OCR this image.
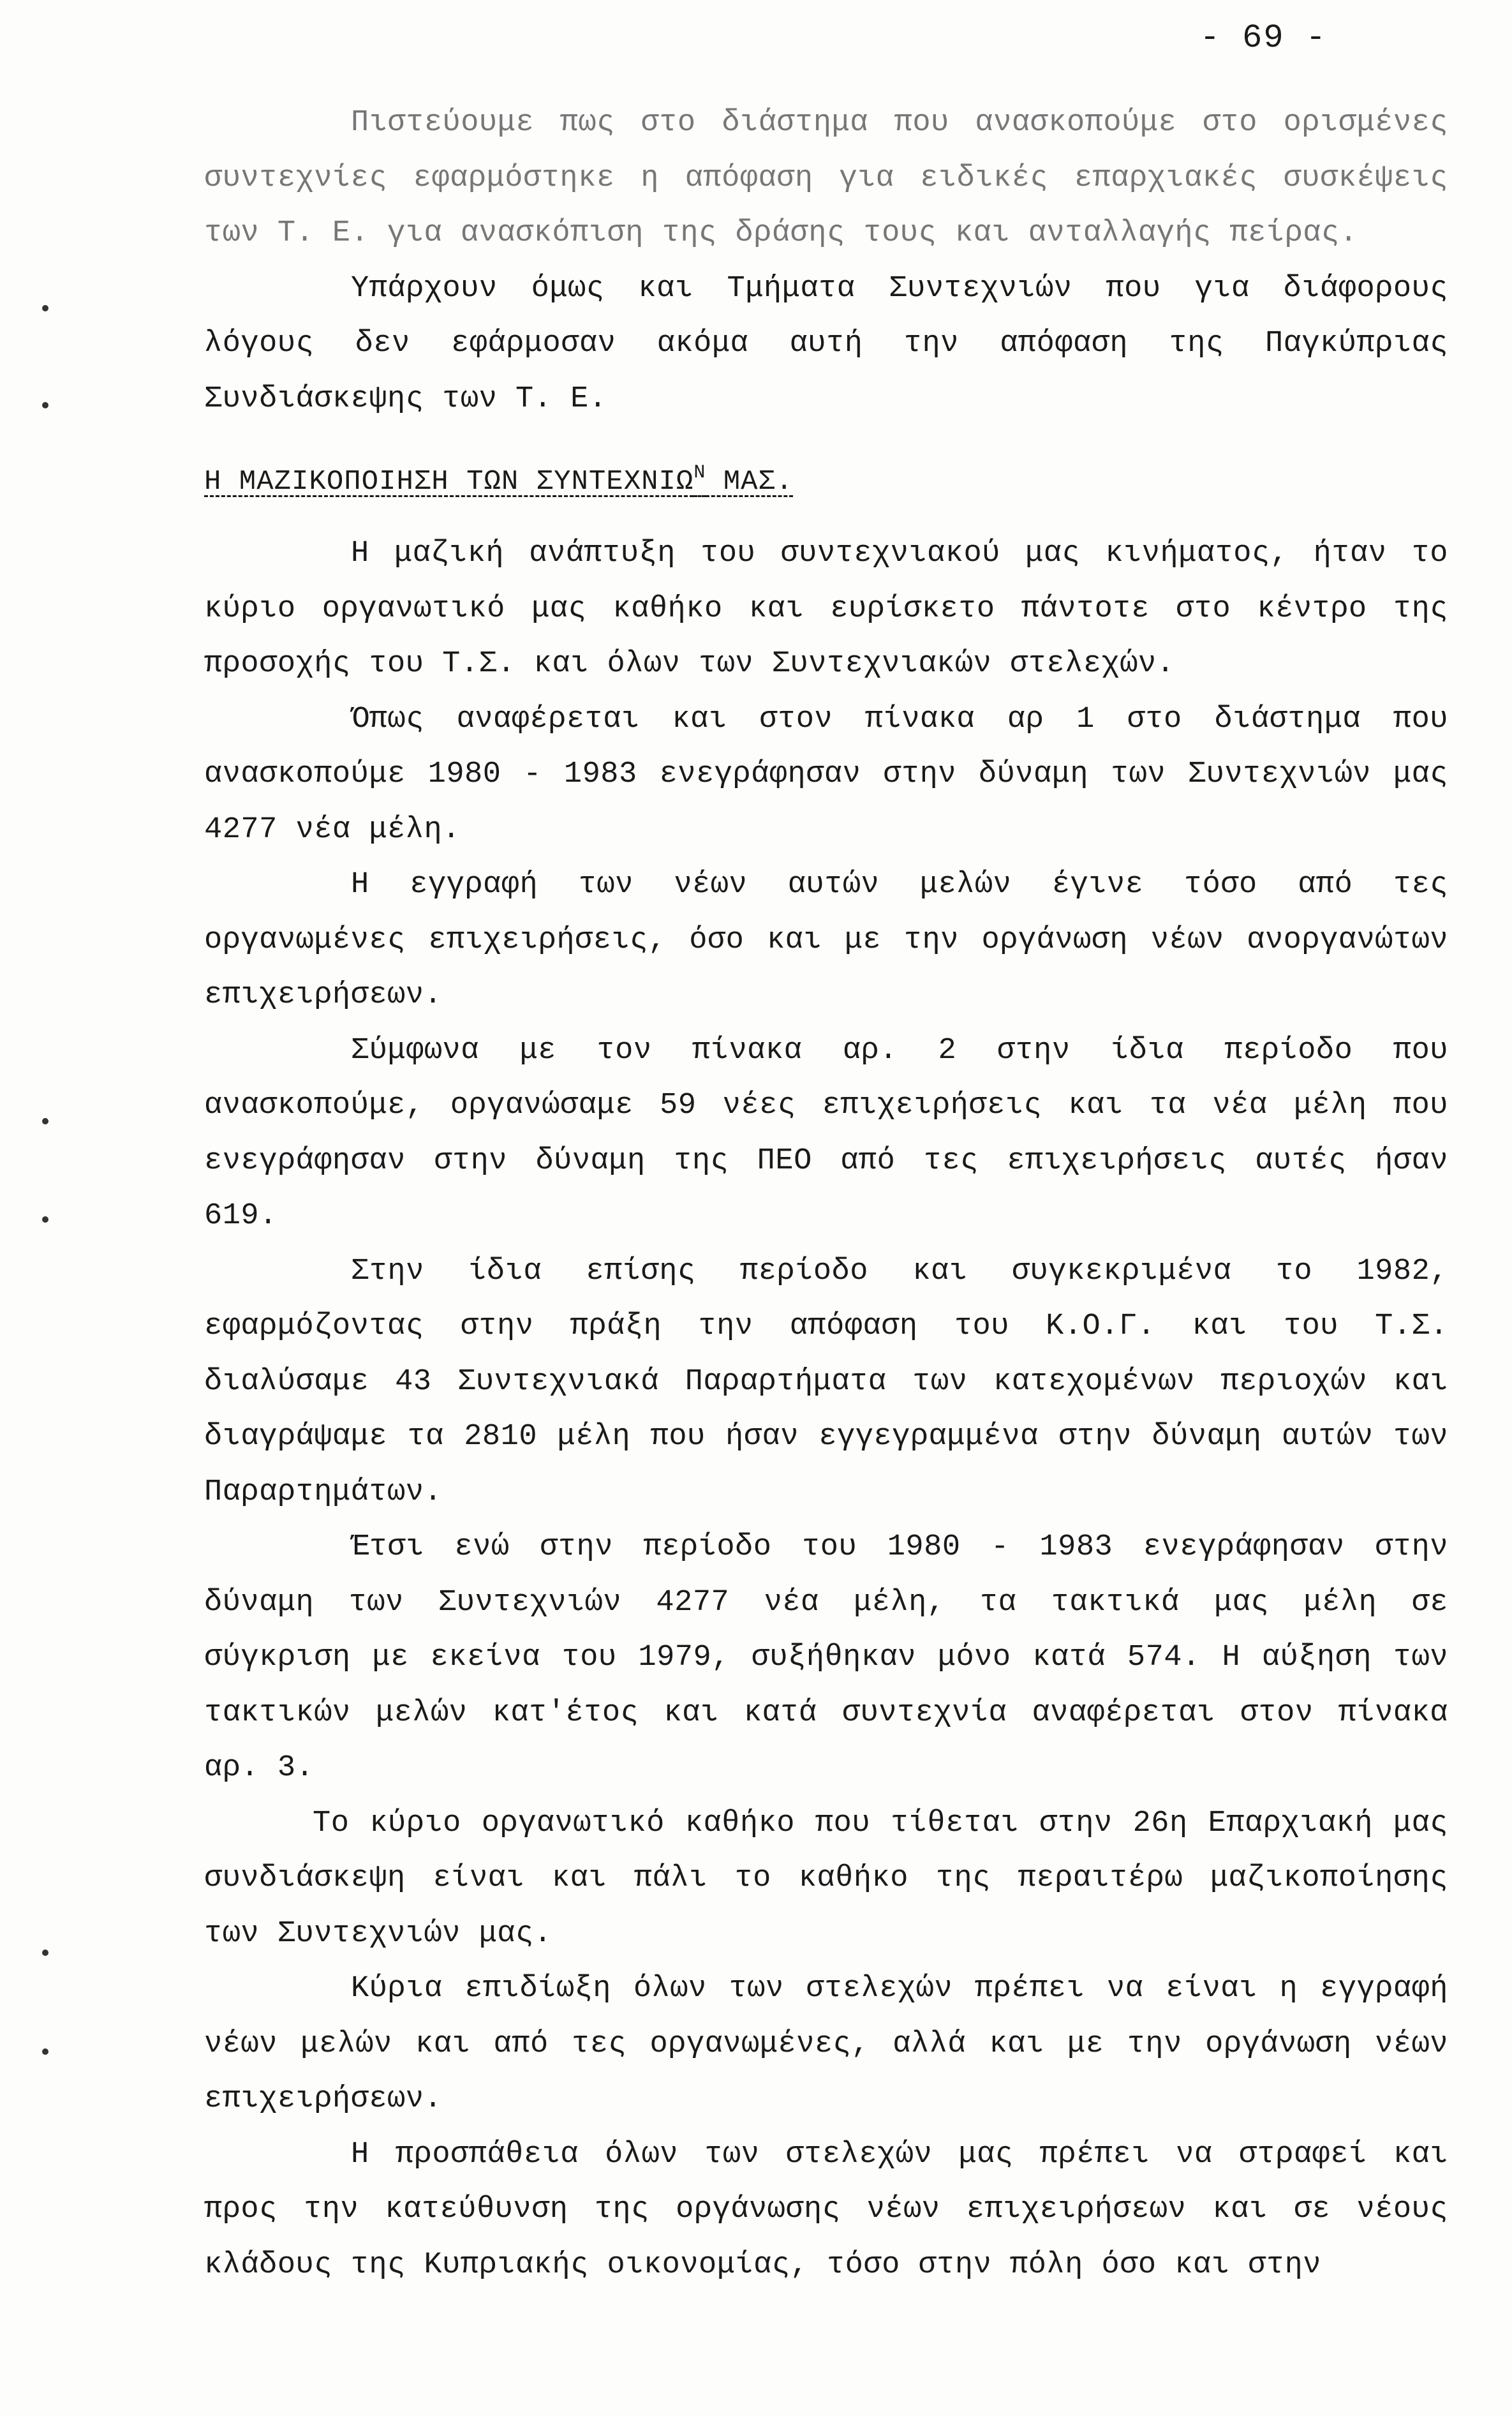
- 69 -

Πιστεύουμε πως στο διάστημα που ανασκοπούμε στο ορισμένες συντεχνίες εφαρμόστηκε η απόφαση για ειδικές επαρχιακές συσκέψεις των Τ. Ε. για ανασκόπιση της δράσης τους και ανταλλαγής πείρας.

Υπάρχουν όμως και Τμήματα Συντεχνιών που για διάφορους λόγους δεν εφάρμοσαν ακόμα αυτή την απόφαση της Παγκύπριας Συνδιάσκεψης των Τ. Ε.

Η ΜΑΖΙΚΟΠΟΙΗΣΗ ΤΩΝ $\Sigma\Upsilon NTEXNI\Omega^N$ ΜΑΣ.

Η μαζική ανάπτυξη του συντεχνιακού μας κινήματος, ήταν το κύριο οργανωτικό μας καθήκο και ευρίσκετο πάντοτε στο κέντρο της προσοχής του Τ.Σ. και όλων των Συντεχνιακών στελεχών.

Όπως αναφέρεται και στον πίνακα αρ 1 στο διάστημα που ανασκοπούμε 1980 - 1983 ενεγράφησαν στην δύναμη των Συντεχνιών μας 4277 νέα μέλη.

Η εγγραφή των νέων αυτών μελών έγινε τόσο από τες οργανωμένες επιχειρήσεις, όσο και με την οργάνωση νέων ανοργανώτων επιχειρήσεων.

Σύμφωνα με τον πίνακα αρ. 2 στην ίδια περίοδο που ανασκοπούμε, οργανώσαμε 59 νέες επιχειρήσεις και τα νέα μέλη που ενεγράφησαν στην δύναμη της ΠΕΟ από τες επιχειρήσεις αυτές ήσαν 619.

Στην ίδια επίσης περίοδο και συγκεκριμένα το 1982, εφαρμόζοντας στην πράξη την απόφαση του Κ.Ο.Γ. και του Τ.Σ. διαλύσαμε 43 Συντεχνιακά Παραρτήματα των κατεχομένων περιοχών και διαγράψαμε τα 2810 μέλη που ήσαν εγγεγραμμένα στην δύναμη αυτών των Παραρτημάτων.

Έτσι ενώ στην περίοδο του 1980 - 1983 ενεγράφησαν στην δύναμη των Συντεχνιών 4277 νέα μέλη, τα τακτικά μας μέλη σε σύγκριση με εκείνα του 1979, συξήθηκαν μόνο κατά 574. Η αύξηση των τακτικών μελών κατ'έτος και κατά συντεχνία αναφέρεται στον πίνακα αρ. 3.

Το κύριο οργανωτικό καθήκο που τίθεται στην 26η Επαρχιακή μας συνδιάσκεψη είναι και πάλι το καθήκο της περαιτέρω μαζικοποίησης των Συντεχνιών μας.

Κύρια επιδίωξη όλων των στελεχών πρέπει να είναι η εγγραφή νέων μελών και από τες οργανωμένες, αλλά και με την οργάνωση νέων επιχειρήσεων.

Η προσπάθεια όλων των στελεχών μας πρέπει να στραφεί και προς την κατεύθυνση της οργάνωσης νέων επιχειρήσεων και σε νέους κλάδους της Κυπριακής οικονομίας, τόσο στην πόλη όσο και στην
